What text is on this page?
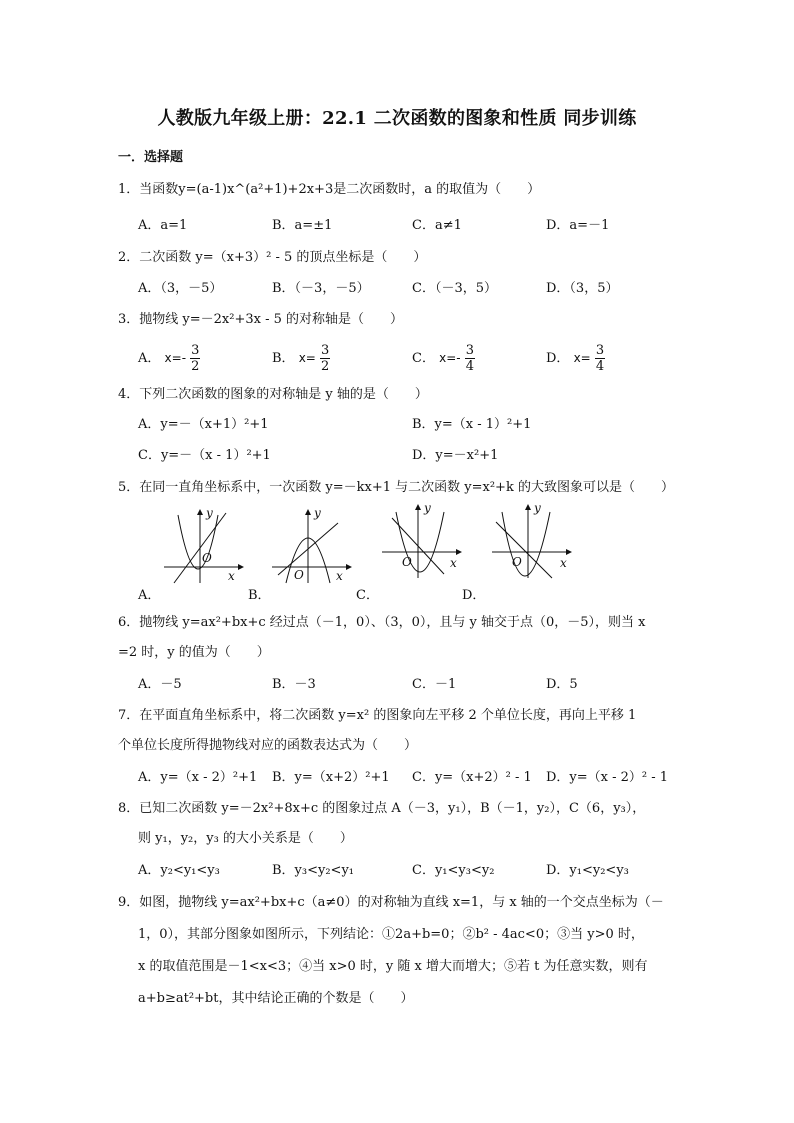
人教版九年级上册：22.1 二次函数的图象和性质 同步训练
一．选择题
1．当函数y=(a-1)x^(a²+1)+2x+3是二次函数时，a 的取值为（　　）
A．a=1	B．a=±1	C．a≠1	D．a=－1
2．二次函数 y=（x+3）² - 5 的顶点坐标是（　　）
A．（3，－5）	B．（－3，－5）	C．（－3，5）	D．（3，5）
3．抛物线 y=－2x²+3x - 5 的对称轴是（　　）
A． $x=- \frac{3}{2}$	B． $x= \frac{3}{2}$	C． $x=- \frac{3}{4}$	D． $x= \frac{3}{4}$
4．下列二次函数的图象的对称轴是 y 轴的是（　　）
A．y=－（x+1）²+1	B．y=（x - 1）²+1
C．y=－（x - 1）²+1	D．y=－x²+1
5．在同一直角坐标系中，一次函数 y=－kx+1 与二次函数 y=x²+k 的大致图象可以是（　　）
y
x
O
A．
y
x
O
B．
y
x
O
C．
y
x
O
D．
6．抛物线 y=ax²+bx+c 经过点（－1，0）、（3，0），且与 y 轴交于点（0，－5），则当 x
=2 时，y 的值为（　　）
A．－5	B．－3	C．－1	D．5
7．在平面直角坐标系中，将二次函数 y=x² 的图象向左平移 2 个单位长度，再向上平移 1
个单位长度所得抛物线对应的函数表达式为（　　）
A．y=（x - 2）²+1 B．y=（x+2）²+1 C．y=（x+2）² - 1 D．y=（x - 2）² - 1
8．已知二次函数 y=－2x²+8x+c 的图象过点 A（－3，y₁），B（－1，y₂），C（6，y₃），
则 y₁，y₂，y₃ 的大小关系是（　　）
A．y₂<y₁<y₃	B．y₃<y₂<y₁	C．y₁<y₃<y₂	D．y₁<y₂<y₃
9．如图，抛物线 y=ax²+bx+c（a≠0）的对称轴为直线 x=1，与 x 轴的一个交点坐标为（－
1，0），其部分图象如图所示，下列结论：①2a+b=0；②b² - 4ac<0；③当 y>0 时，
x 的取值范围是－1<x<3；④当 x>0 时，y 随 x 增大而增大；⑤若 t 为任意实数，则有
a+b≥at²+bt，其中结论正确的个数是（　　）
